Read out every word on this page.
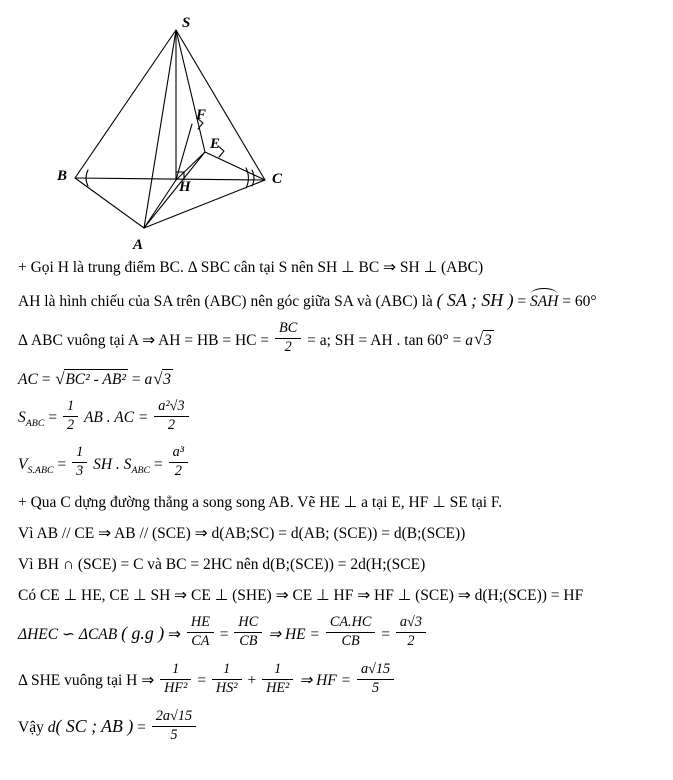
S
F
E
B
H	C
A

+ Gọi H là trung điểm BC. Δ SBC cân tại S nên SH ⊥ BC ⇒ SH ⊥ (ABC)

AH là hình chiếu của SA trên (ABC) nên góc giữa SA và (ABC) là ( SA ; SH ) = SAH = 60°

Δ ABC vuông tại A ⇒ AH = HB = HC = $\frac{BC}{2} = a$; SH = AH . tan 60° = a √ 3

AC = √ BC² - AB² = a √ 3

$S_{ABC} = \frac{1}{2}$ AB . AC = $\frac{\text{a²√3}}{2}$

$V_{S.ABC} = \frac{1}{3}$ SH . $S_{ABC} = \frac{\text{a³}}{2}$

+ Qua C dựng đường thẳng a song song AB. Vẽ HE ⊥ a tại E, HF ⊥ SE tại F.

Vì AB // CE ⇒ AB // (SCE) ⇒ d(AB;SC) = d(AB; (SCE)) = d(B;(SCE))

Vì BH ∩ (SCE) = C và BC = 2HC nên d(B;(SCE)) = 2d(H;(SCE)

Có CE ⊥ HE, CE ⊥ SH ⇒ CE ⊥ (SHE) ⇒ CE ⊥ HF ⇒ HF ⊥ (SCE) ⇒ d(H;(SCE)) = HF

ΔHEC ∽ ΔCAB ( g.g ) ⇒ $\frac{HE}{CA} = \frac{HC}{CB}$ ⇒ HE = $\frac{CA.HC}{CB} = \frac{a√3}{2}$

Δ SHE vuông tại H ⇒ $\frac{1}{\text{HF²}} = \frac{1}{\text{HS²}} + \frac{1}{\text{HE²}}$ ⇒ HF = $\frac{a√15}{5}$

Vậy d( SC ; AB ) = $\frac{2a√15}{5}$
